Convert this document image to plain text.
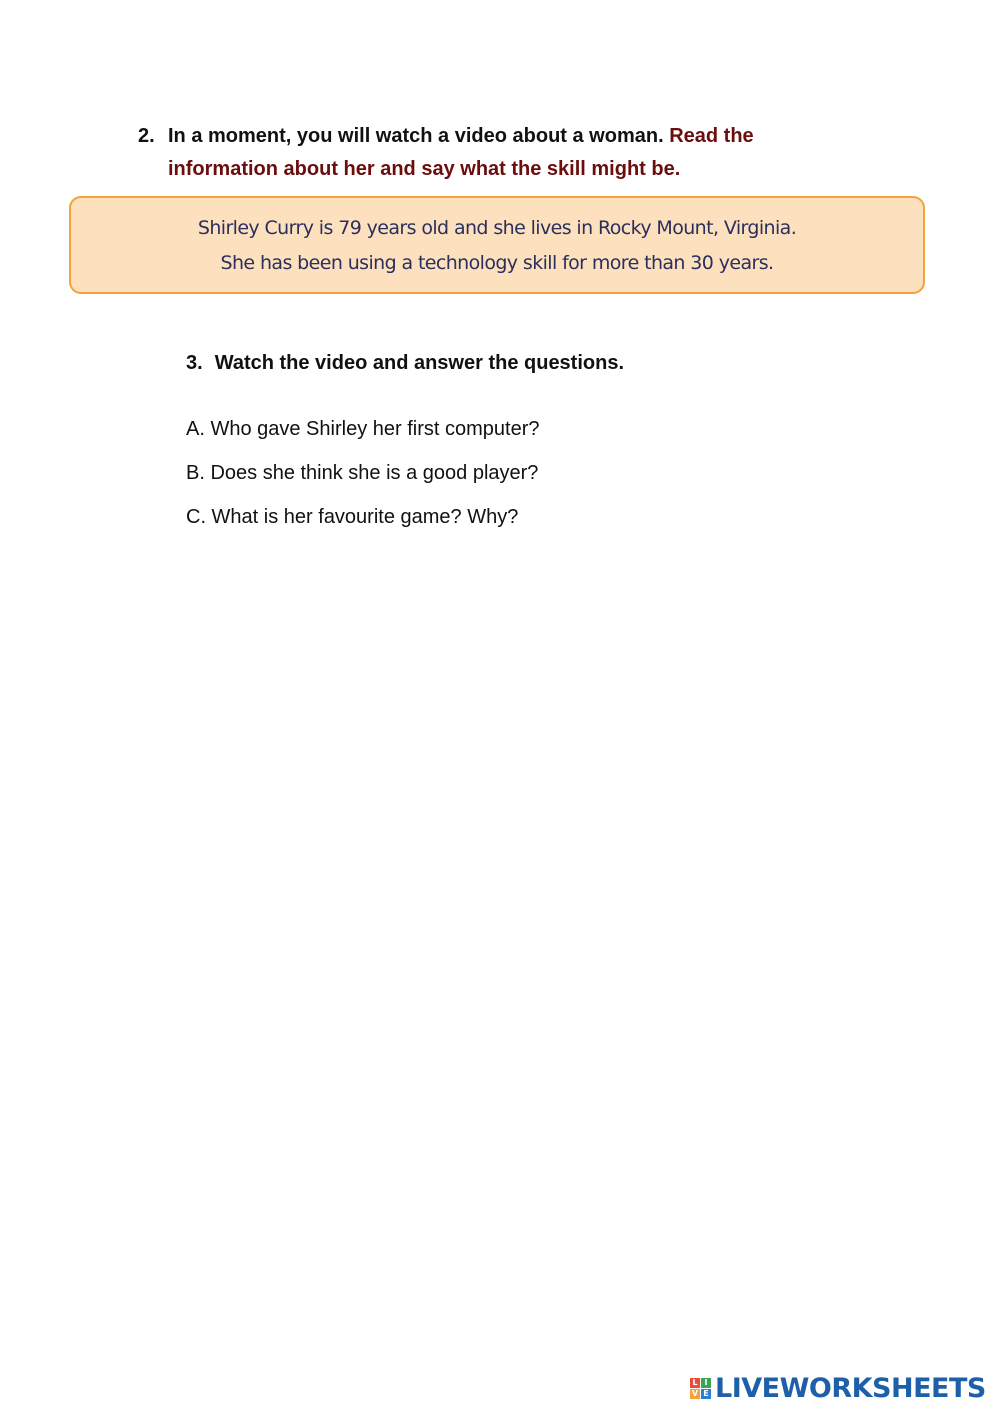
2. In a moment, you will watch a video about a woman. Read the information about her and say what the skill might be.
Shirley Curry is 79 years old and she lives in Rocky Mount, Virginia.
She has been using a technology skill for more than 30 years.
3. Watch the video and answer the questions.
A. Who gave Shirley her first computer?
B. Does she think she is a good player?
C. What is her favourite game? Why?
L I
V E LIVEWORKSHEETS
